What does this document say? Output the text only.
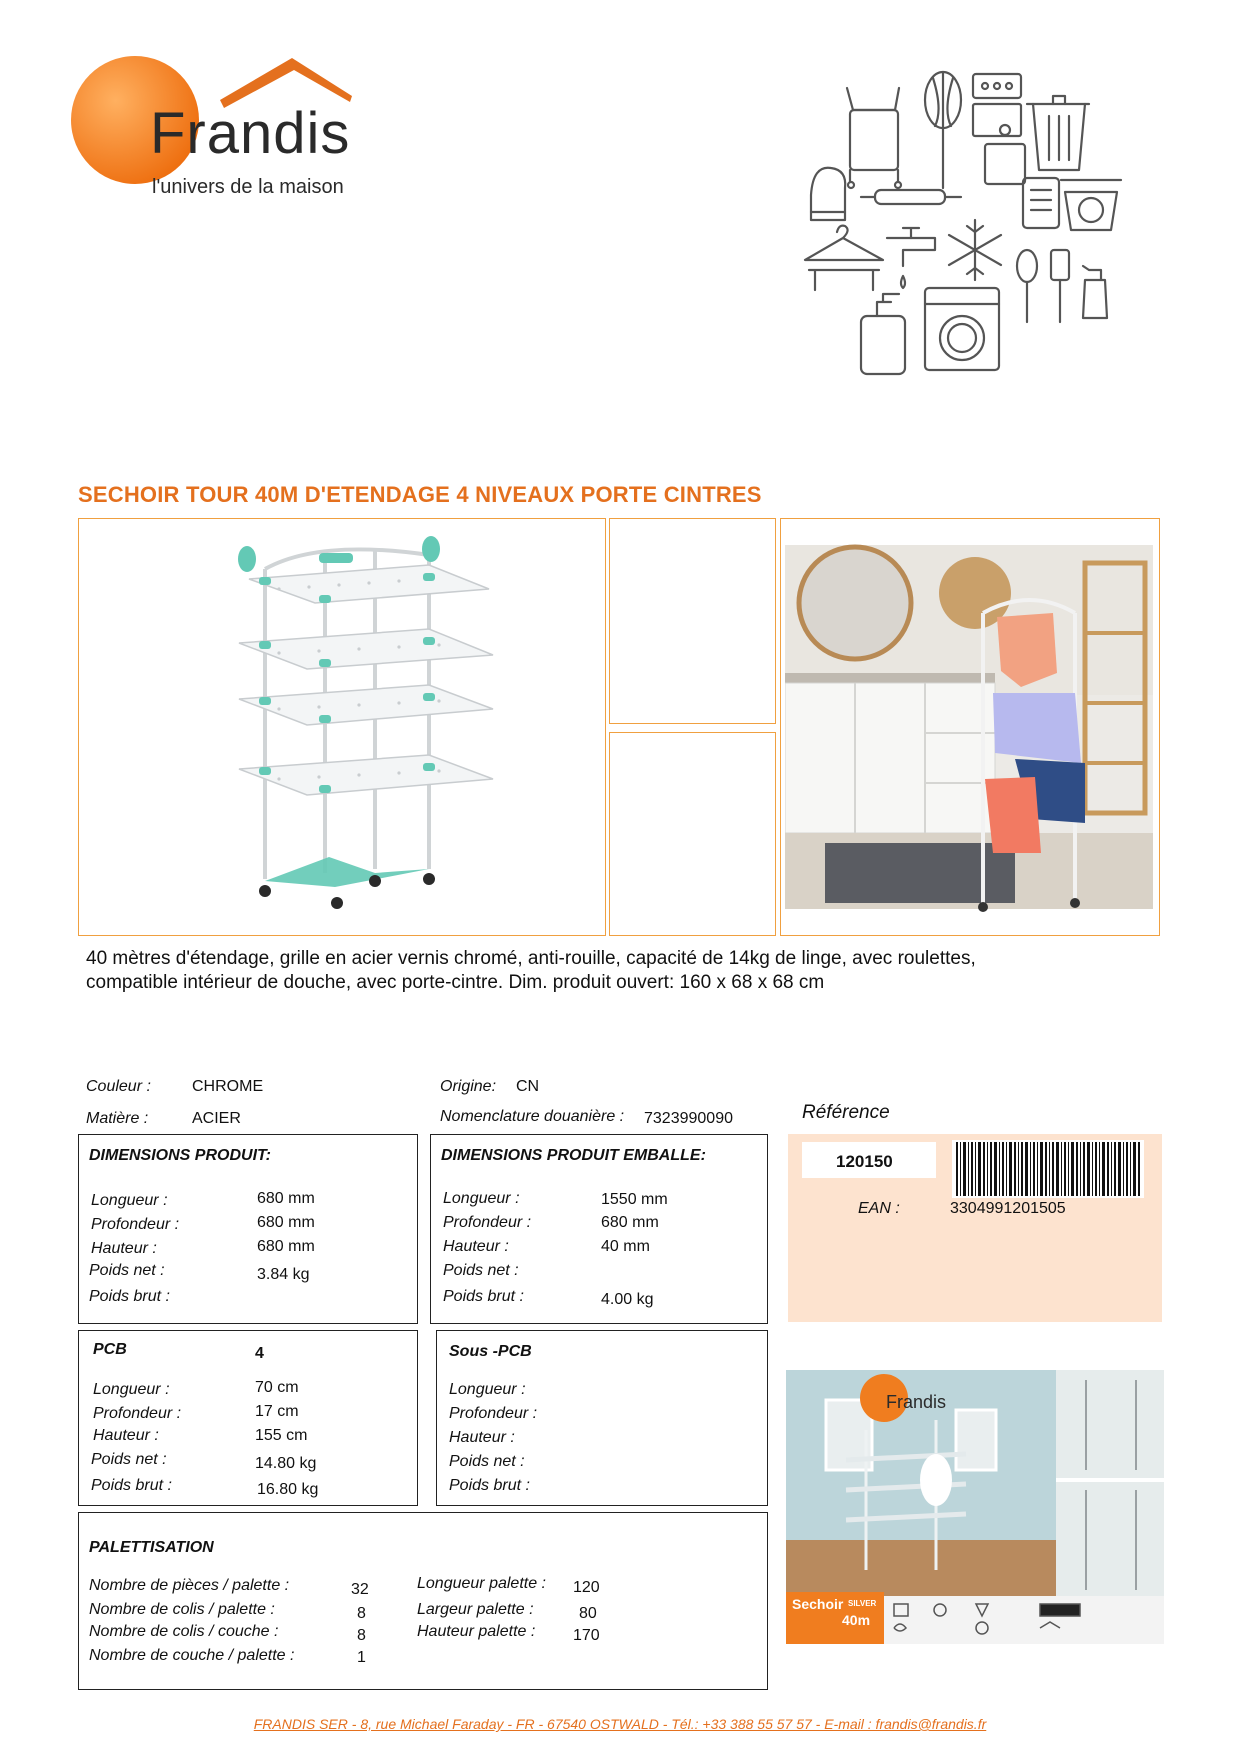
Frandis
l'univers de la maison
SECHOIR TOUR 40M D'ETENDAGE 4 NIVEAUX PORTE CINTRES
40 mètres d'étendage, grille en acier vernis chromé, anti-rouille, capacité de 14kg de linge, avec roulettes,
compatible intérieur de douche, avec porte-cintre. Dim. produit ouvert: 160 x 68 x 68 cm
Couleur :	CHROME
Matière :	ACIER
Origine: CN
Nomenclature douanière : 7323990090
DIMENSIONS PRODUIT:
Longueur :	680 mm
Profondeur :	680 mm
Hauteur :	680 mm
Poids net :	3.84 kg
Poids brut :
DIMENSIONS PRODUIT EMBALLE:
Longueur :	1550 mm
Profondeur :	680 mm
Hauteur :	40 mm
Poids net :
Poids brut :	4.00 kg
Référence
120150
EAN :	3304991201505
PCB	4
Longueur :	70 cm
Profondeur :	17 cm
Hauteur :	155 cm
Poids net :	14.80 kg
Poids brut :	16.80 kg
Sous -PCB
Longueur :
Profondeur :
Hauteur :
Poids net :
Poids brut :
PALETTISATION
Nombre de pièces / palette :	32
Nombre de colis / palette :	8
Nombre de colis / couche :	8
Nombre de couche / palette :	1
Longueur palette : 120
Largeur palette :	80
Hauteur palette : 170
Frandis
Sechoir SILVER
40m
FRANDIS SER - 8, rue Michael Faraday - FR - 67540 OSTWALD - Tél.: +33 388 55 57 57 - E-mail : frandis@frandis.fr
